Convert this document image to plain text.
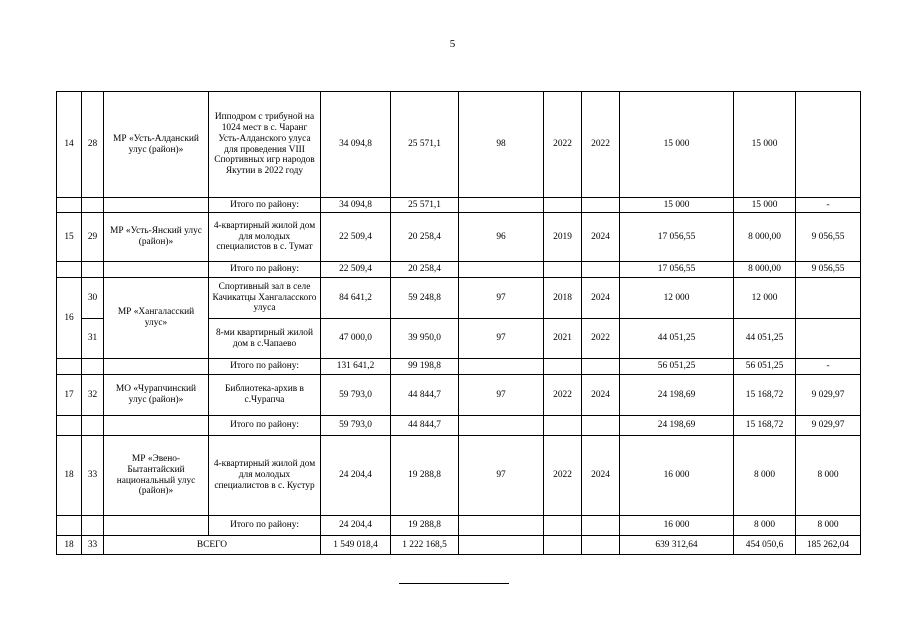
5
14	28	МР «Усть-Алданский улус (район)»	Ипподром с трибуной на 1024 мест в с. Чаранг Усть-Алданского улуса для проведения VIII Спортивных игр народов Якутии в 2022 году	34 094,8	25 571,1	98	2022	2022	15 000	15 000	
			Итого по району:	34 094,8	25 571,1				15 000	15 000	-
15	29	МР «Усть-Янский улус (район)»	4-квартирный жилой дом для молодых специалистов в с. Тумат	22 509,4	20 258,4	96	2019	2024	17 056,55	8 000,00	9 056,55
			Итого по району:	22 509,4	20 258,4				17 056,55	8 000,00	9 056,55
16	30	МР «Хангаласский улус»	Спортивный зал в селе Качикатцы Хангаласского улуса	84 641,2	59 248,8	97	2018	2024	12 000	12 000	
	31		8-ми квартирный жилой дом в с.Чапаево	47 000,0	39 950,0	97	2021	2022	44 051,25	44 051,25	
			Итого по району:	131 641,2	99 198,8				56 051,25	56 051,25	-
17	32	МО «Чурапчинский улус (район)»	Библиотека-архив в с.Чурапча	59 793,0	44 844,7	97	2022	2024	24 198,69	15 168,72	9 029,97
			Итого по району:	59 793,0	44 844,7				24 198,69	15 168,72	9 029,97
18	33	МР «Эвено-Бытантайский национальный улус (район)»	4-квартирный жилой дом для молодых специалистов в с. Кустур	24 204,4	19 288,8	97	2022	2024	16 000	8 000	8 000
			Итого по району:	24 204,4	19 288,8				16 000	8 000	8 000
18	33	ВСЕГО		1 549 018,4	1 222 168,5				639 312,64	454 050,6	185 262,04
